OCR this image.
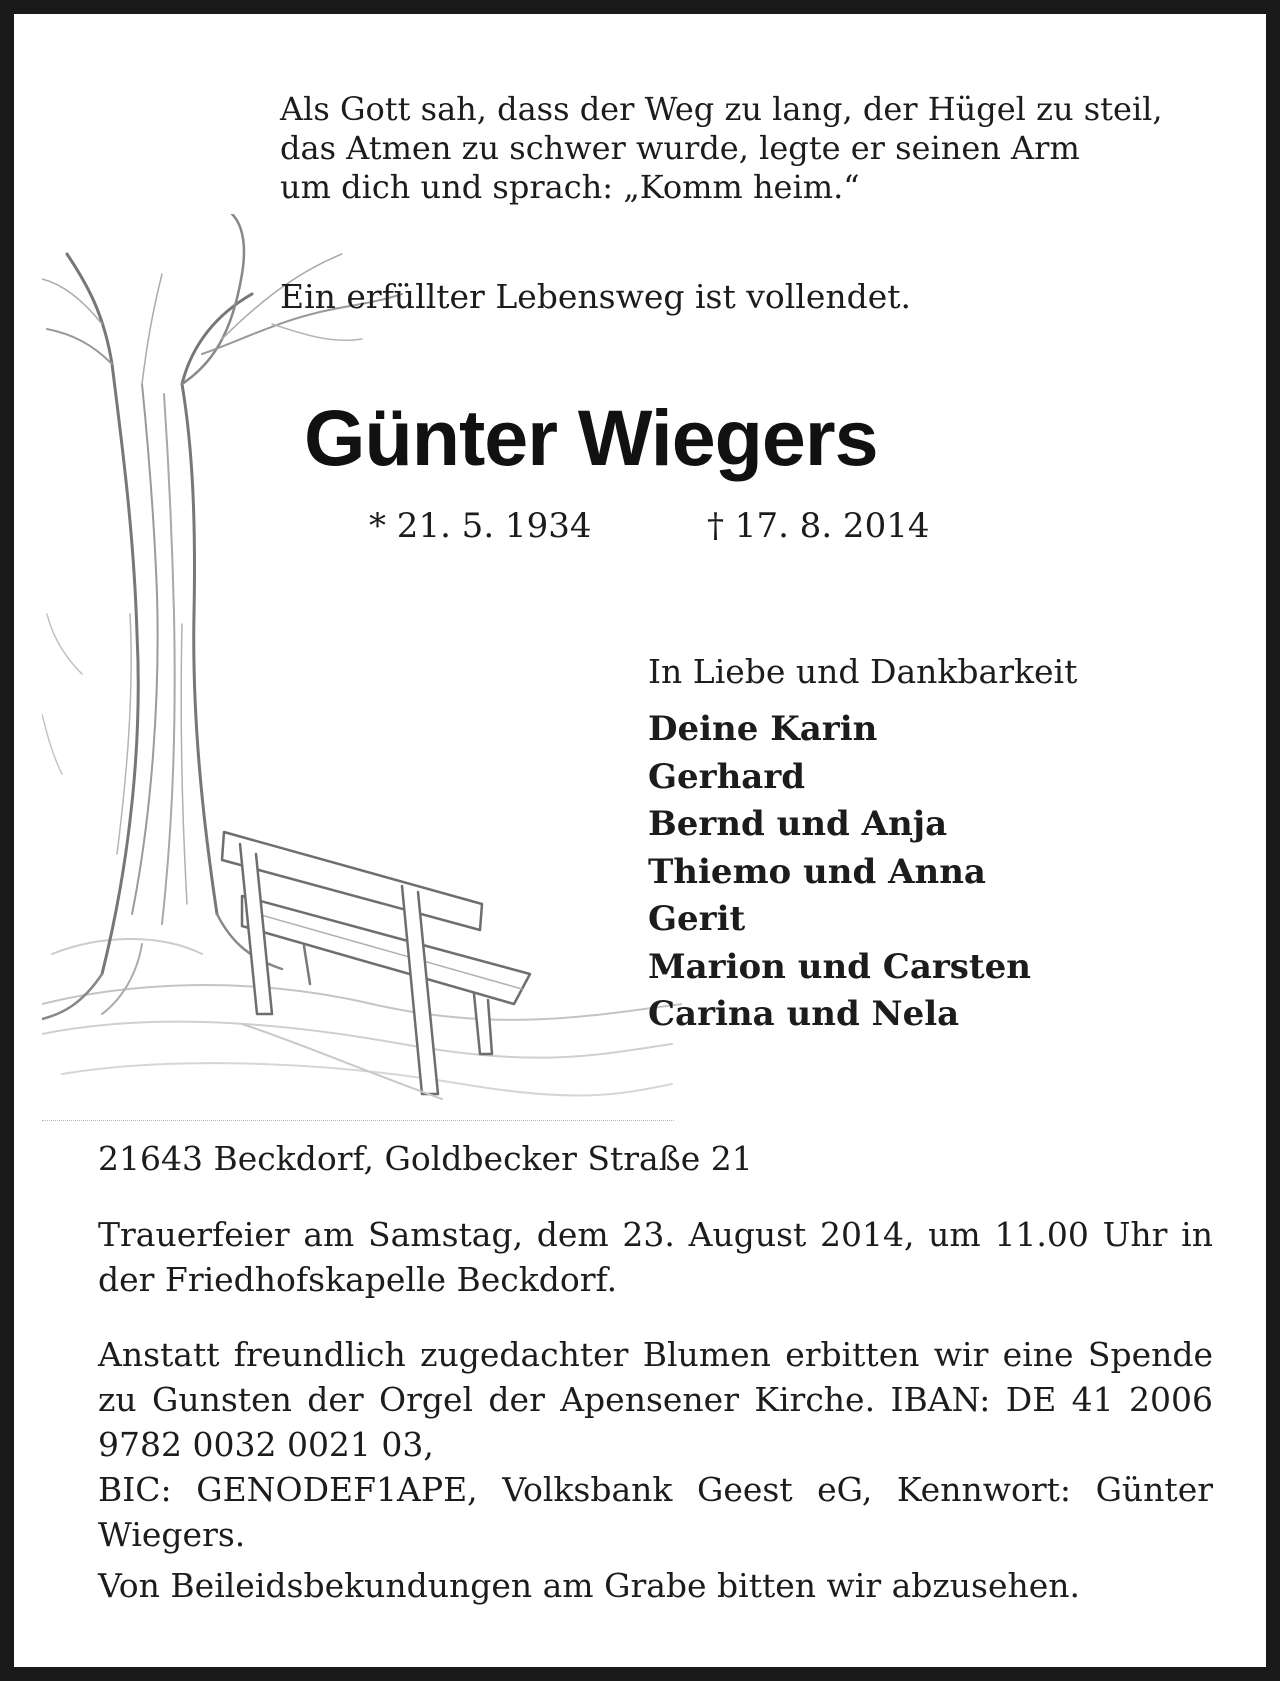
Als Gott sah, dass der Weg zu lang, der Hügel zu steil,
das Atmen zu schwer wurde, legte er seinen Arm
um dich und sprach: „Komm heim.“
Ein erfüllter Lebensweg ist vollendet.
Günter Wiegers
* 21. 5. 1934	† 17. 8. 2014
In Liebe und Dankbarkeit
Deine Karin
Gerhard
Bernd und Anja
Thiemo und Anna
Gerit
Marion und Carsten
Carina und Nela
21643 Beckdorf, Goldbecker Straße 21
Trauerfeier am Samstag, dem 23. August 2014, um 11.00 Uhr in der Friedhofskapelle Beckdorf.
Anstatt freundlich zugedachter Blumen erbitten wir eine Spende zu Gunsten der Orgel der Apensener Kirche. IBAN: DE 41 2006 9782 0032 0021 03,
BIC: GENODEF1APE, Volksbank Geest eG, Kennwort: Günter Wiegers.
Von Beileidsbekundungen am Grabe bitten wir abzusehen.
